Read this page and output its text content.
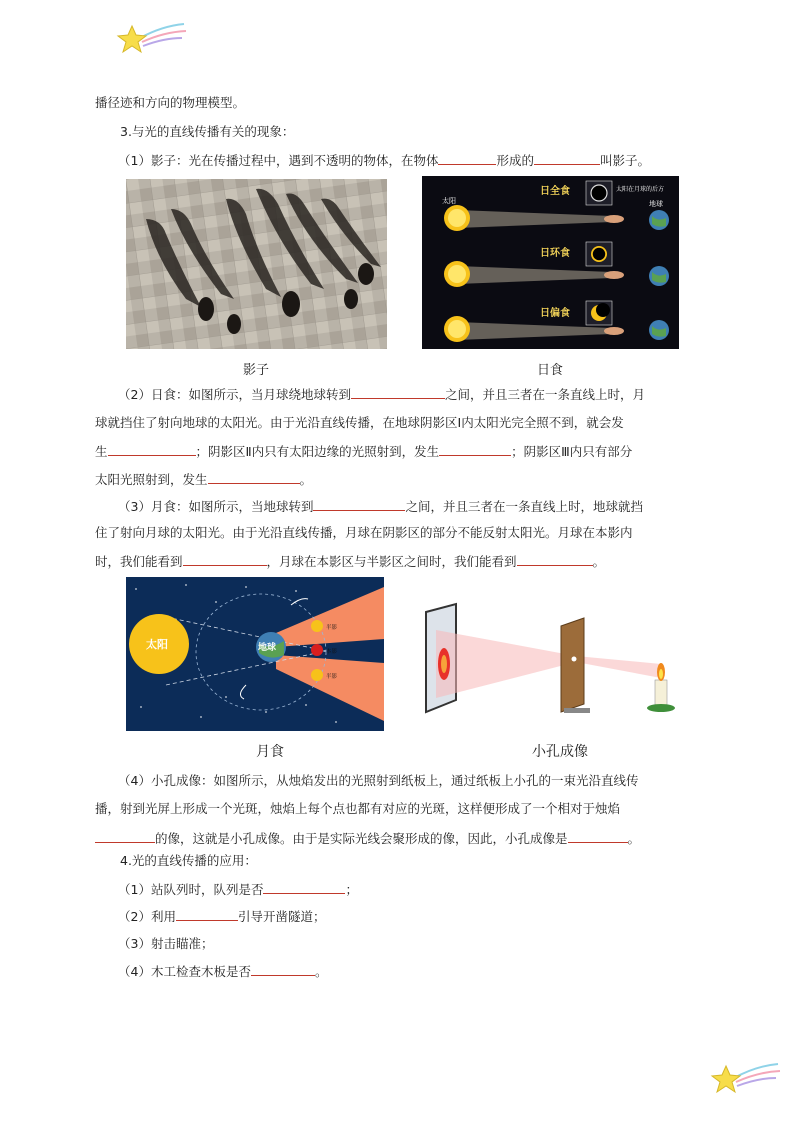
播径迹和方向的物理模型。
3.与光的直线传播有关的现象：
（1）影子：光在传播过程中，遇到不透明的物体，在物体	形成的	叫影子。
太阳	地球
日全食	太阳在月球的后方
日环食
日偏食
影子	日食
（2）日食：如图所示，当月球绕地球转到	之间，并且三者在一条直线上时，月
球就挡住了射向地球的太阳光。由于光沿直线传播，在地球阴影区Ⅰ内太阳光完全照不到，就会发
生	；阴影区Ⅱ内只有太阳边缘的光照射到，发生	；阴影区Ⅲ内只有部分
太阳光照射到，发生	。
（3）月食：如图所示，当地球转到	之间，并且三者在一条直线上时，地球就挡
住了射向月球的太阳光。由于光沿直线传播，月球在阴影区的部分不能反射太阳光。月球在本影内
时，我们能看到	，月球在本影区与半影区之间时，我们能看到	。
太阳	地球
半影
本影
半影
月食	小孔成像
（4）小孔成像：如图所示，从烛焰发出的光照射到纸板上，通过纸板上小孔的一束光沿直线传
播，射到光屏上形成一个光斑，烛焰上每个点也都有对应的光斑，这样便形成了一个相对于烛焰
的像，这就是小孔成像。由于是实际光线会聚形成的像，因此，小孔成像是	。
4.光的直线传播的应用：
（1）站队列时，队列是否	；
（2）利用	引导开凿隧道；
（3）射击瞄准；
（4）木工检查木板是否	。
